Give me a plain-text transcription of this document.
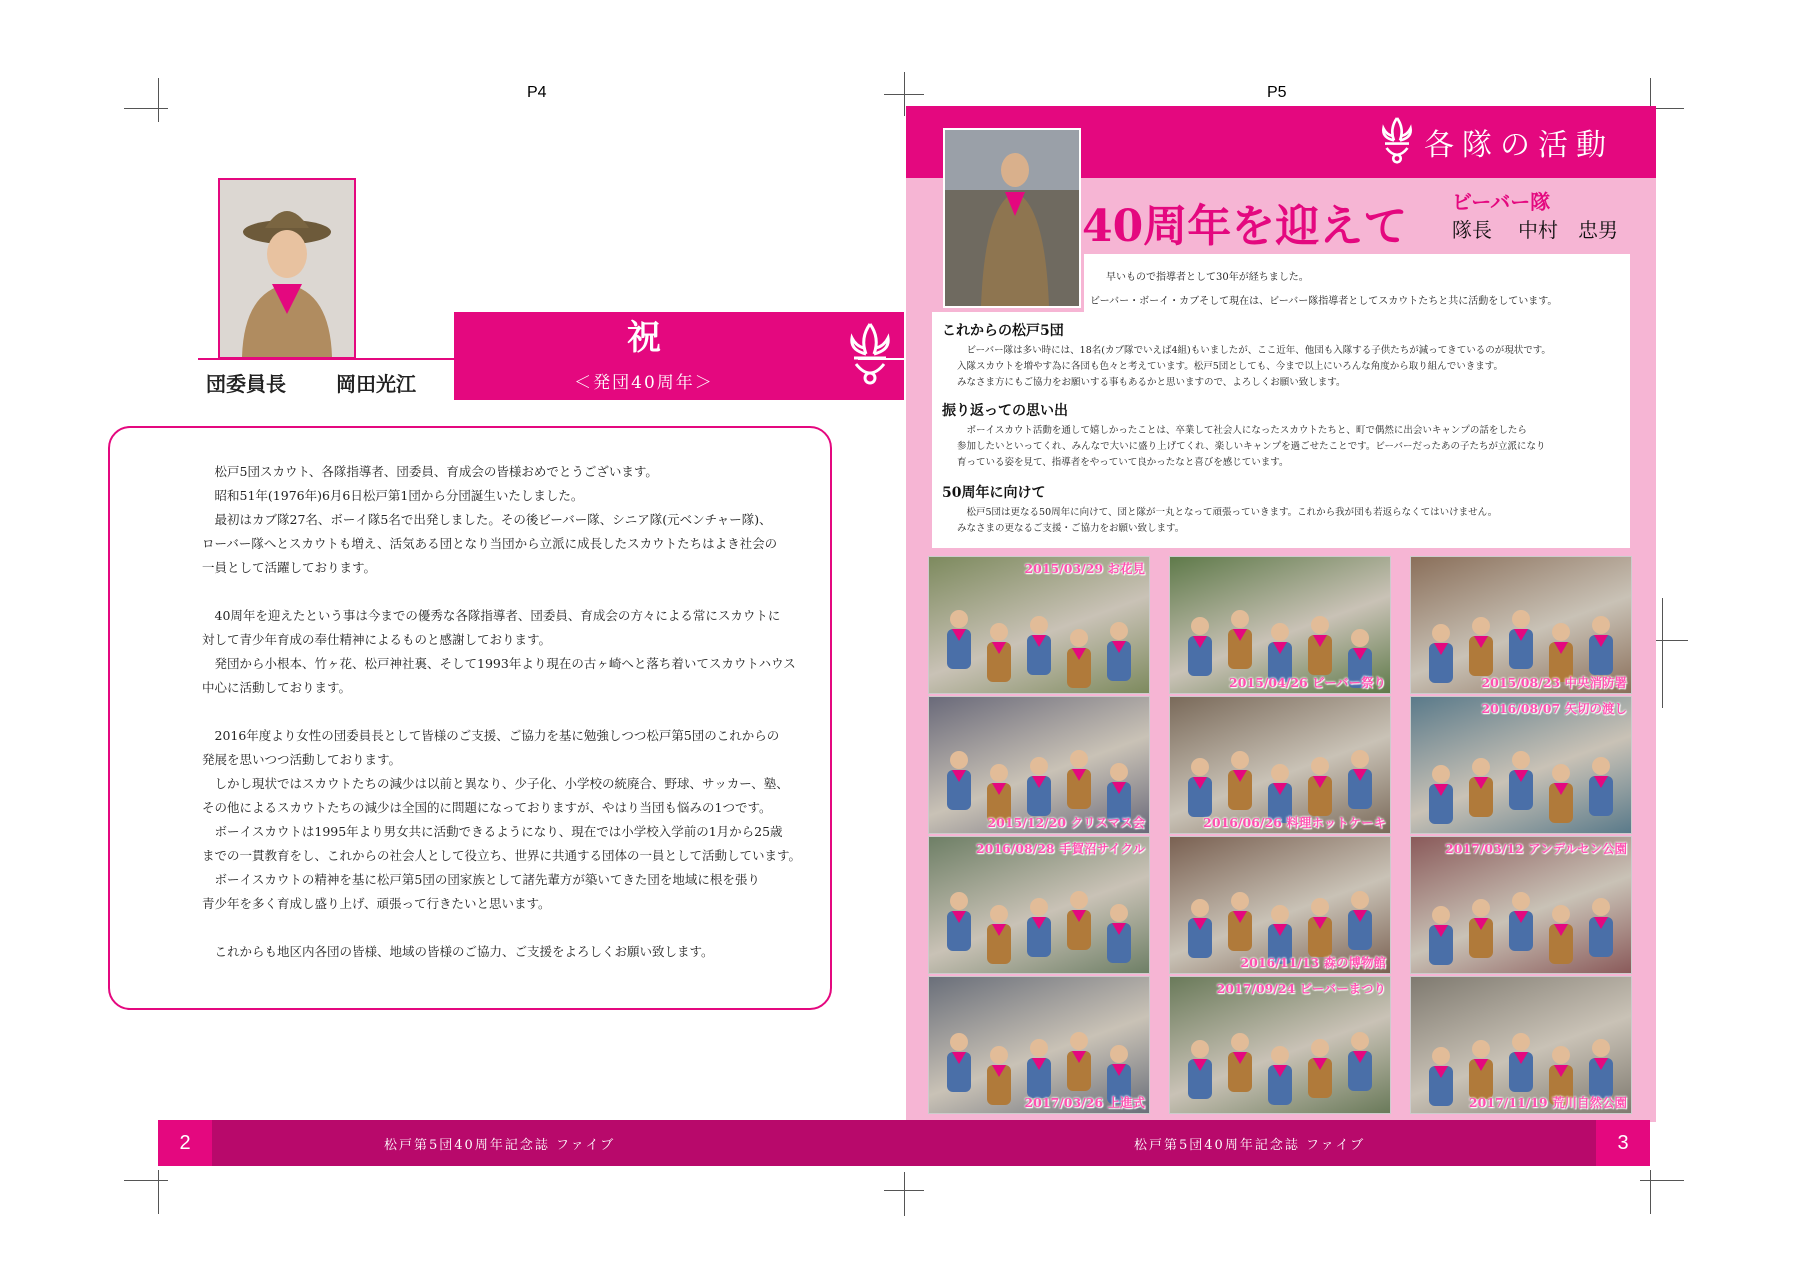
P4	P5
祝
＜発団40周年＞
団委員長	岡田光江
　松戸5団スカウト、各隊指導者、団委員、育成会の皆様おめでとうございます。
　昭和51年(1976年)6月6日松戸第1団から分団誕生いたしました。
　最初はカブ隊27名、ボーイ隊5名で出発しました。その後ビーバー隊、シニア隊(元ベンチャー隊)、
ローバー隊へとスカウトも増え、活気ある団となり当団から立派に成長したスカウトたちはよき社会の
一員として活躍しております。
　40周年を迎えたという事は今までの優秀な各隊指導者、団委員、育成会の方々による常にスカウトに
対して青少年育成の奉仕精神によるものと感謝しております。
　発団から小根本、竹ヶ花、松戸神社裏、そして1993年より現在の古ヶ崎へと落ち着いてスカウトハウス
中心に活動しております。
　2016年度より女性の団委員長として皆様のご支援、ご協力を基に勉強しつつ松戸第5団のこれからの
発展を思いつつ活動しております。
　しかし現状ではスカウトたちの減少は以前と異なり、少子化、小学校の統廃合、野球、サッカー、塾、
その他によるスカウトたちの減少は全国的に問題になっておりますが、やはり当団も悩みの1つです。
　ボーイスカウトは1995年より男女共に活動できるようになり、現在では小学校入学前の1月から25歳
までの一貫教育をし、これからの社会人として役立ち、世界に共通する団体の一員として活動しています。
　ボーイスカウトの精神を基に松戸第5団の団家族として諸先輩方が築いてきた団を地域に根を張り
青少年を多く育成し盛り上げ、頑張って行きたいと思います。
　これからも地区内各団の皆様、地域の皆様のご協力、ご支援をよろしくお願い致します。
各隊の活動
40周年を迎えて ビーバー隊
隊長 中村　忠男
早いもので指導者として30年が経ちました。
これからの松戸5団
　ビーバー隊は多い時には、18名(カブ隊でいえば4組)もいましたが、ここ近年、他団も入隊する子供たちが減ってきているのが現状です。
入隊スカウトを増やす為に各団も色々と考えています。松戸5団としても、今まで以上にいろんな角度から取り組んでいきます。
みなさま方にもご協力をお願いする事もあるかと思いますので、よろしくお願い致します。
振り返っての思い出
　ボーイスカウト活動を通して嬉しかったことは、卒業して社会人になったスカウトたちと、町で偶然に出会いキャンプの話をしたら
参加したいといってくれ、みんなで大いに盛り上げてくれ、楽しいキャンプを過ごせたことです。ビーバーだったあの子たちが立派になり
育っている姿を見て、指導者をやっていて良かったなと喜びを感じています。
50周年に向けて
　松戸5団は更なる50周年に向けて、団と隊が一丸となって頑張っていきます。これから我が団も若返らなくてはいけません。
みなさまの更なるご支援・ご協力をお願い致します。
ビーバー・ボーイ・カブそして現在は、ビーバー隊指導者としてスカウトたちと共に活動をしています。
2015/03/29 お花見
2015/04/26 ビーバー祭り	2015/08/23 中央消防署
2015/12/20 クリスマス会	2016/06/26 料理ホットケーキ
2016/08/07 矢切の渡し
2016/08/28 手賀沼サイクル
2016/11/13 森の博物館
2017/03/12 アンデルセン公園
2017/03/26 上進式
2017/09/24 ビーバーまつり
2017/11/19 荒川自然公園
2	3
松戸第5団40周年記念誌 ファイブ	松戸第5団40周年記念誌 ファイブ
